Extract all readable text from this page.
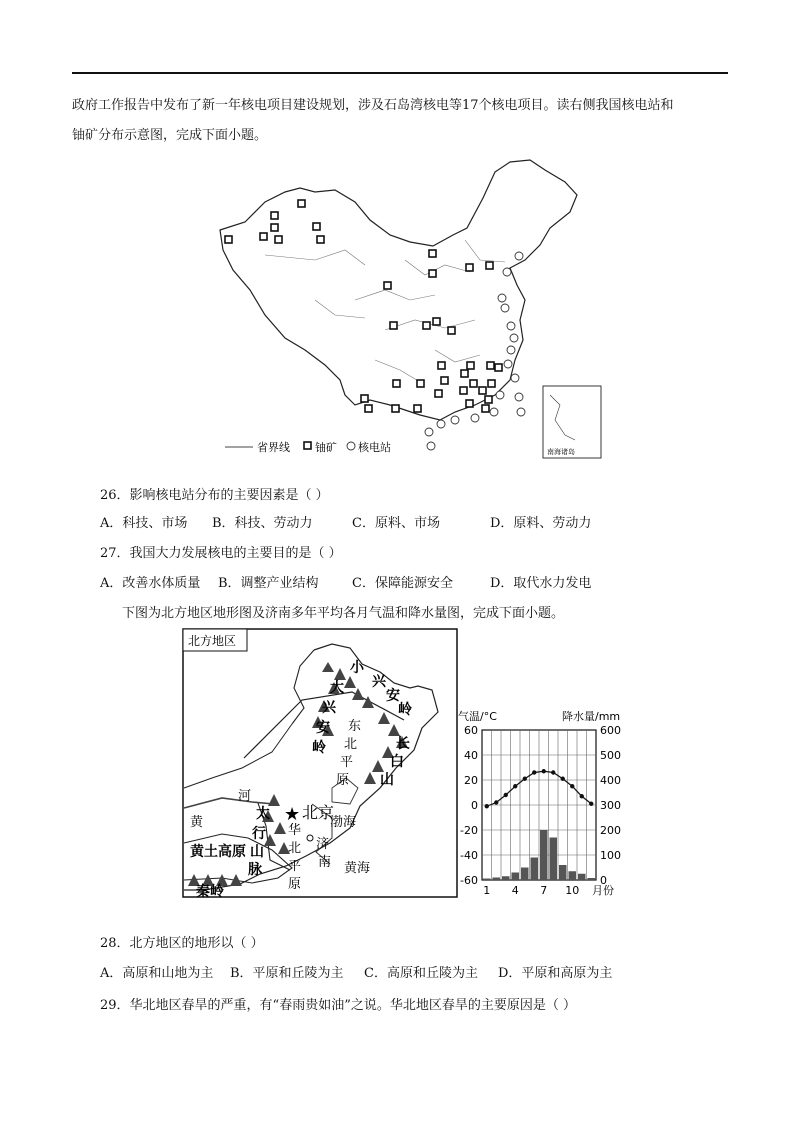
政府工作报告中发布了新一年核电项目建设规划，涉及石岛湾核电等17个核电项目。读右侧我国核电站和
铀矿分布示意图，完成下面小题。
南海诸岛
省界线 铀矿 核电站
26．影响核电站分布的主要因素是（ ）
A．科技、市场 B．科技、劳动力	C．原料、市场	D．原料、劳动力
27．我国大力发展核电的主要目的是（ ）
A．改善水体质量 B．调整产业结构	C．保障能源安全	D．取代水力发电
下图为北方地区地形图及济南多年平均各月气温和降水量图，完成下面小题。
北方地区
大
兴
安
岭
小
兴
安
岭
长
白
山
太
行
山
脉
黄土高原
秦岭
东
北
平
原
河
黄	渤海
华
北
平
原
济
南 黄海
★ 北京
气温/°C	降水量/mm
60
40
20
0
-20
-40
-60
600
500
400
300
200
100
0
1 4 7 10 月份
28．北方地区的地形以（ ）
A．高原和山地为主 B．平原和丘陵为主 C．高原和丘陵为主 D．平原和高原为主
29．华北地区春旱的严重，有“春雨贵如油”之说。华北地区春旱的主要原因是（ ）
